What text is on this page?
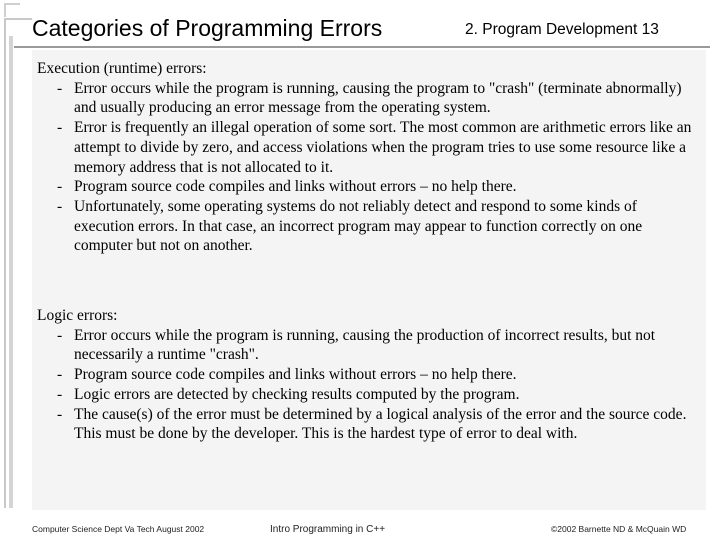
Categories of Programming Errors	2. Program Development 13

Execution (runtime) errors:

- Error occurs while the program is running, causing the program to "crash" (terminate abnormally) and usually producing an error message from the operating system.
- Error is frequently an illegal operation of some sort. The most common are arithmetic errors like an attempt to divide by zero, and access violations when the program tries to use some resource like a memory address that is not allocated to it.
- Program source code compiles and links without errors – no help there.
- Unfortunately, some operating systems do not reliably detect and respond to some kinds of execution errors. In that case, an incorrect program may appear to function correctly on one computer but not on another.

Logic errors:

- Error occurs while the program is running, causing the production of incorrect results, but not necessarily a runtime "crash".
- Program source code compiles and links without errors – no help there.
- Logic errors are detected by checking results computed by the program.
- The cause(s) of the error must be determined by a logical analysis of the error and the source code. This must be done by the developer. This is the hardest type of error to deal with.
Computer Science Dept Va Tech August 2002	Intro Programming in C++	©2002 Barnette ND & McQuain WD
